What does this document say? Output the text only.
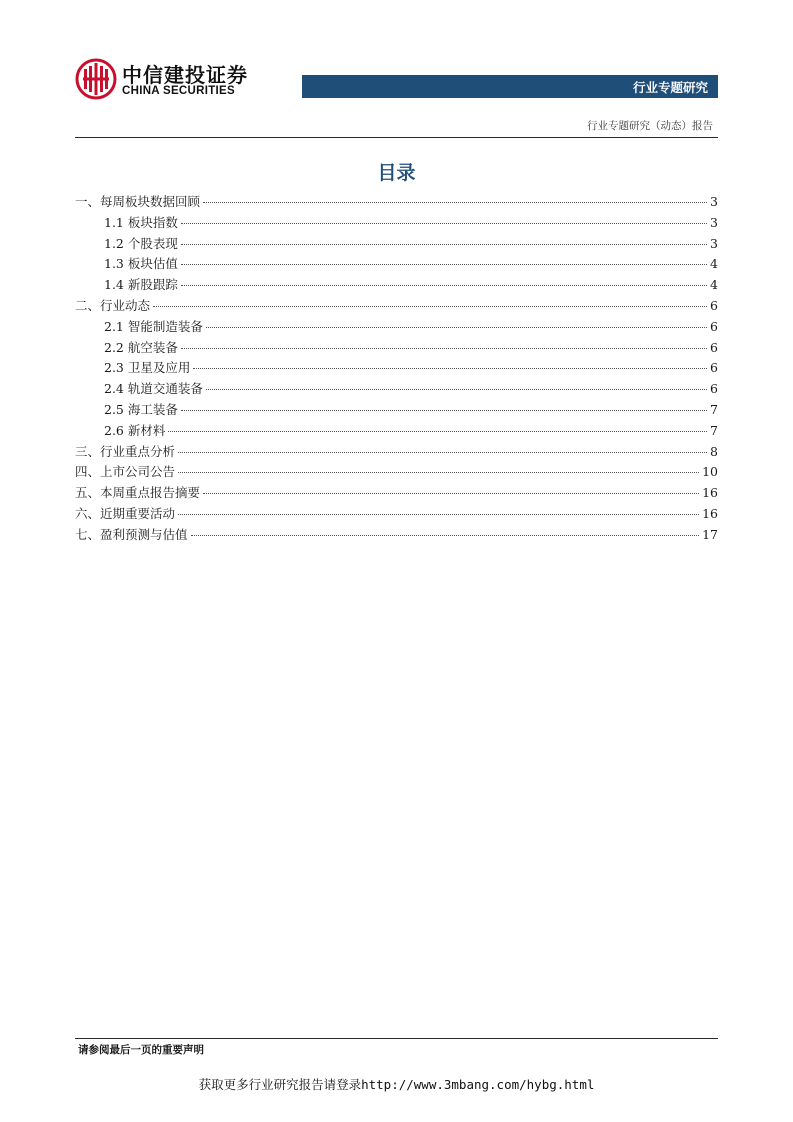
中信建投证券
CHINA SECURITIES	行业专题研究
行业专题研究（动态）报告
目录
一、每周板块数据回顾	3
1.1 板块指数	3
1.2 个股表现	3
1.3 板块估值	4
1.4 新股跟踪	4
二、行业动态	6
2.1 智能制造装备	6
2.2 航空装备	6
2.3 卫星及应用	6
2.4 轨道交通装备	6
2.5 海工装备	7
2.6 新材料	7
三、行业重点分析	8
四、上市公司公告	10
五、本周重点报告摘要	16
六、近期重要活动	16
七、盈利预测与估值	17
请参阅最后一页的重要声明
获取更多行业研究报告请登录http://www.3mbang.com/hybg.html
